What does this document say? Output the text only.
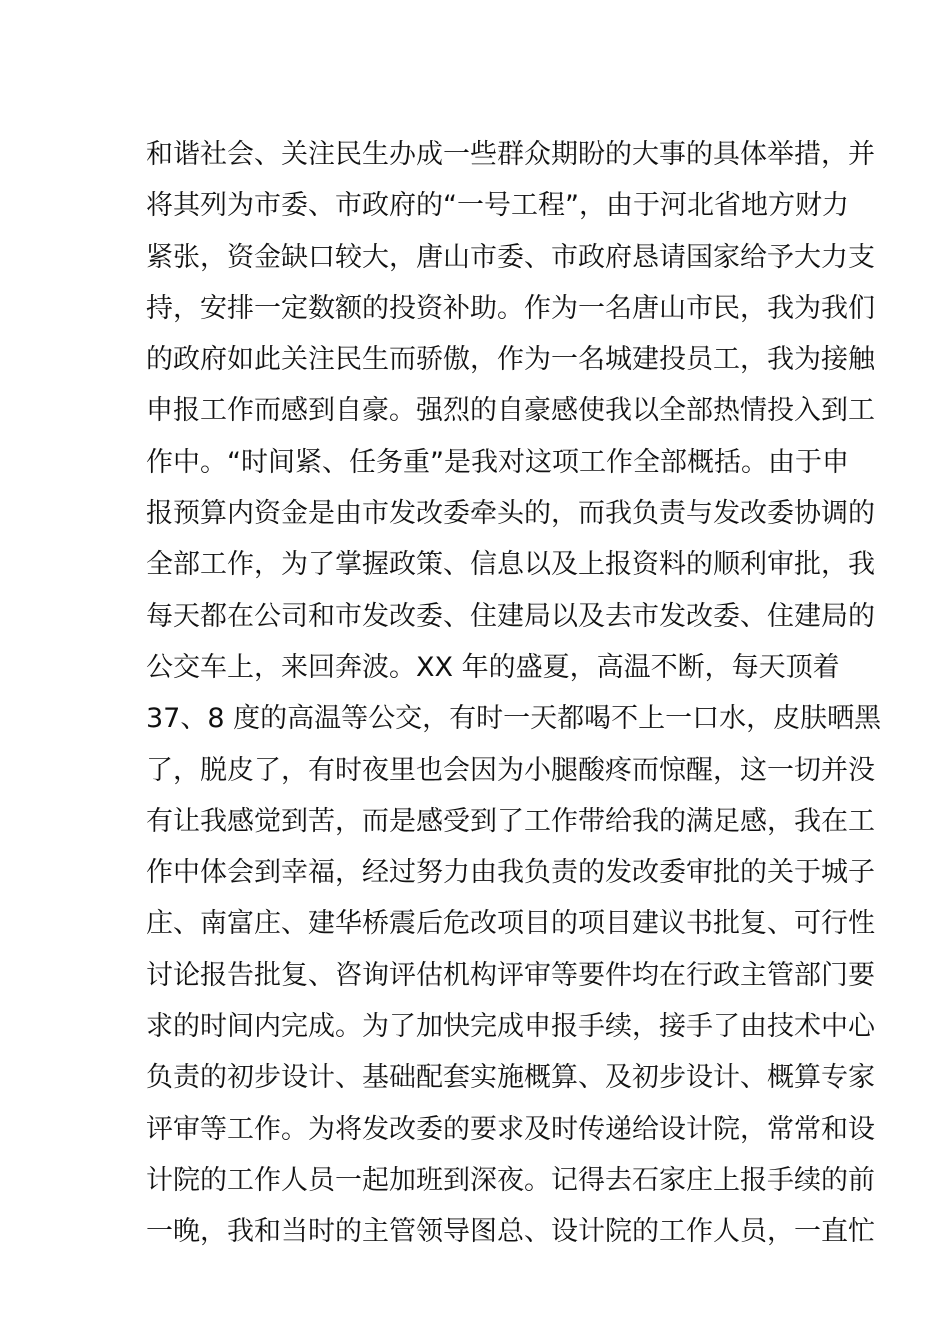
和谐社会、关注民生办成一些群众期盼的大事的具体举措，并
将其列为市委、市政府的“一号工程”，由于河北省地方财力
紧张，资金缺口较大，唐山市委、市政府恳请国家给予大力支
持，安排一定数额的投资补助。作为一名唐山市民，我为我们
的政府如此关注民生而骄傲，作为一名城建投员工，我为接触
申报工作而感到自豪。强烈的自豪感使我以全部热情投入到工
作中。“时间紧、任务重”是我对这项工作全部概括。由于申
报预算内资金是由市发改委牵头的，而我负责与发改委协调的
全部工作，为了掌握政策、信息以及上报资料的顺利审批，我
每天都在公司和市发改委、住建局以及去市发改委、住建局的
公交车上，来回奔波。XX 年的盛夏，高温不断，每天顶着
37、8 度的高温等公交，有时一天都喝不上一口水，皮肤晒黑
了，脱皮了，有时夜里也会因为小腿酸疼而惊醒，这一切并没
有让我感觉到苦，而是感受到了工作带给我的满足感，我在工
作中体会到幸福，经过努力由我负责的发改委审批的关于城子
庄、南富庄、建华桥震后危改项目的项目建议书批复、可行性
讨论报告批复、咨询评估机构评审等要件均在行政主管部门要
求的时间内完成。为了加快完成申报手续，接手了由技术中心
负责的初步设计、基础配套实施概算、及初步设计、概算专家
评审等工作。为将发改委的要求及时传递给设计院，常常和设
计院的工作人员一起加班到深夜。记得去石家庄上报手续的前
一晚，我和当时的主管领导图总、设计院的工作人员，一直忙
